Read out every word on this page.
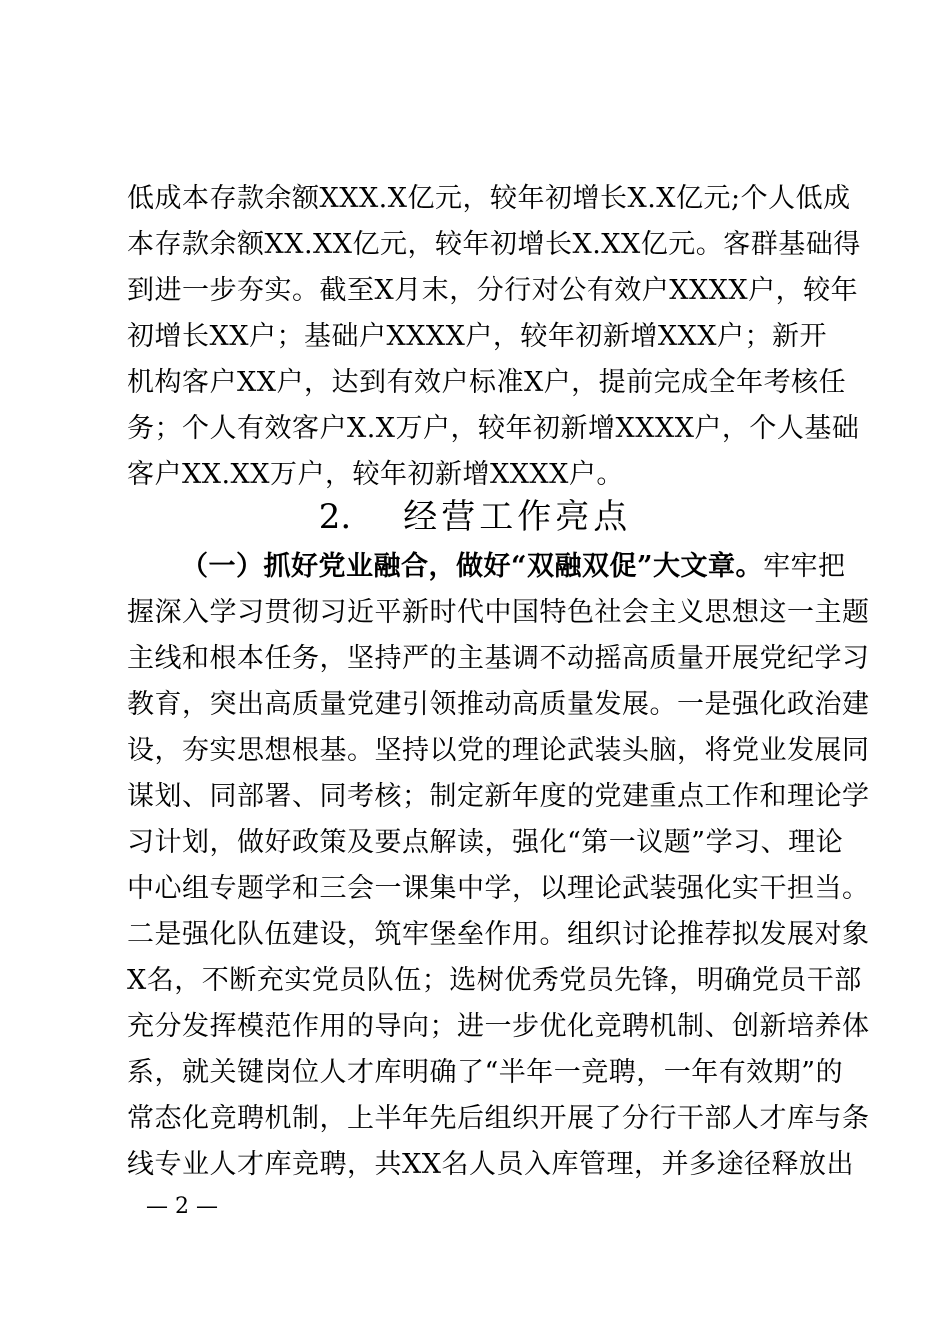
低成本存款余额XXX.X亿元，较年初增长X.X亿元;个人低成
本存款余额XX.XX亿元，较年初增长X.XX亿元。客群基础得
到进一步夯实。截至X月末，分行对公有效户XXXX户，较年
初增长XX户；基础户XXXX户，较年初新增XXX户；新开
机构客户XX户，达到有效户标准X户，提前完成全年考核任
务；个人有效客户X.X万户，较年初新增XXXX户，个人基础
客户XX.XX万户，较年初新增XXXX户。
2. 经营工作亮点
（一）抓好党业融合，做好“双融双促”大文章。牢牢把
握深入学习贯彻习近平新时代中国特色社会主义思想这一主题
主线和根本任务，坚持严的主基调不动摇高质量开展党纪学习
教育，突出高质量党建引领推动高质量发展。一是强化政治建
设，夯实思想根基。坚持以党的理论武装头脑，将党业发展同
谋划、同部署、同考核；制定新年度的党建重点工作和理论学
习计划，做好政策及要点解读，强化“第一议题”学习、理论
中心组专题学和三会一课集中学，以理论武装强化实干担当。
二是强化队伍建设，筑牢堡垒作用。组织讨论推荐拟发展对象
X名，不断充实党员队伍；选树优秀党员先锋，明确党员干部
充分发挥模范作用的导向；进一步优化竞聘机制、创新培养体
系，就关键岗位人才库明确了“半年一竞聘，一年有效期”的
常态化竞聘机制，上半年先后组织开展了分行干部人才库与条
线专业人才库竞聘，共XX名人员入库管理，并多途径释放出
— 2 —
